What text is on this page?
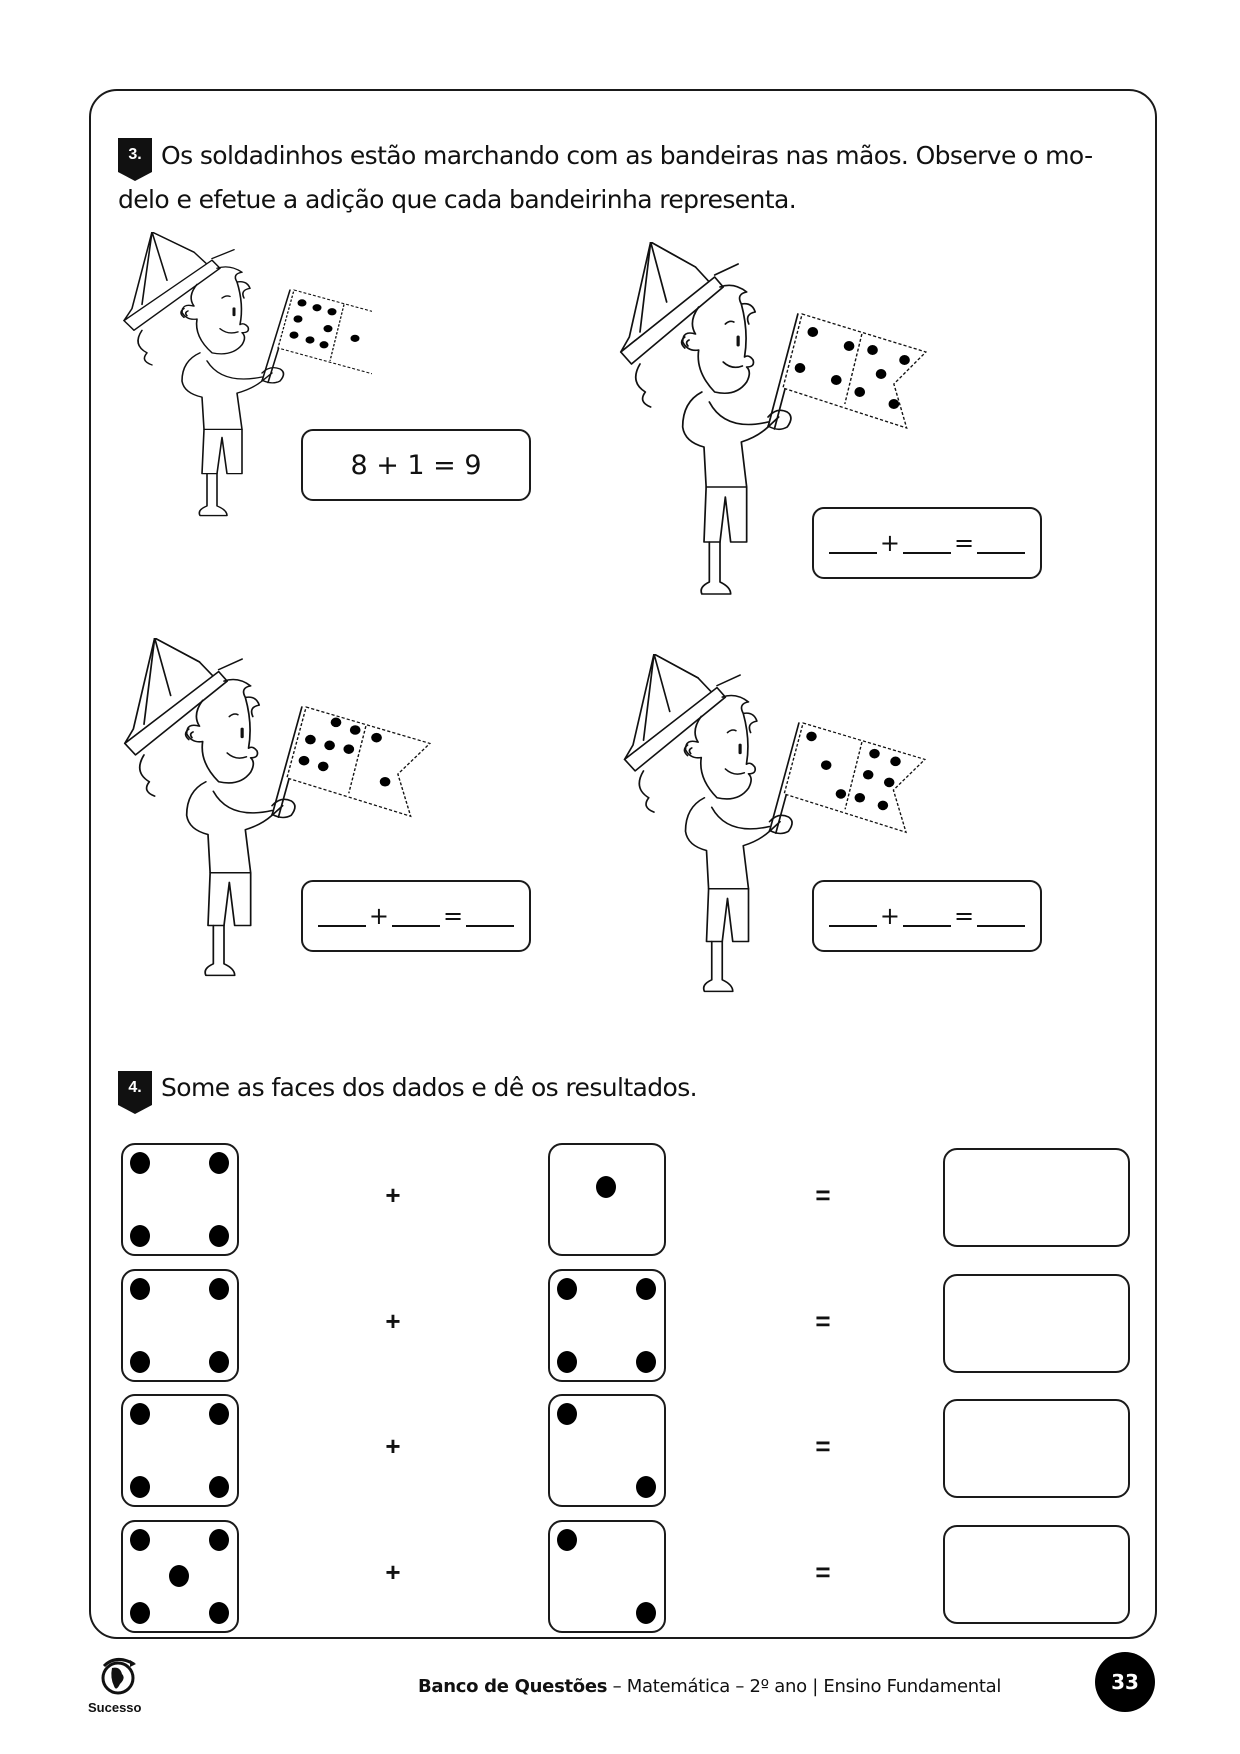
3. Os soldadinhos estão marchando com as bandeiras nas mãos. Observe o mo-
delo e efetue a adição que cada bandeirinha representa.
8 + 1 = 9
+ =
+ =	+ =
4. Some as faces dos dados e dê os resultados.
+	=
+	=
+	=
+	=
Sucesso
Banco de Questões – Matemática – 2º ano | Ensino Fundamental	33
